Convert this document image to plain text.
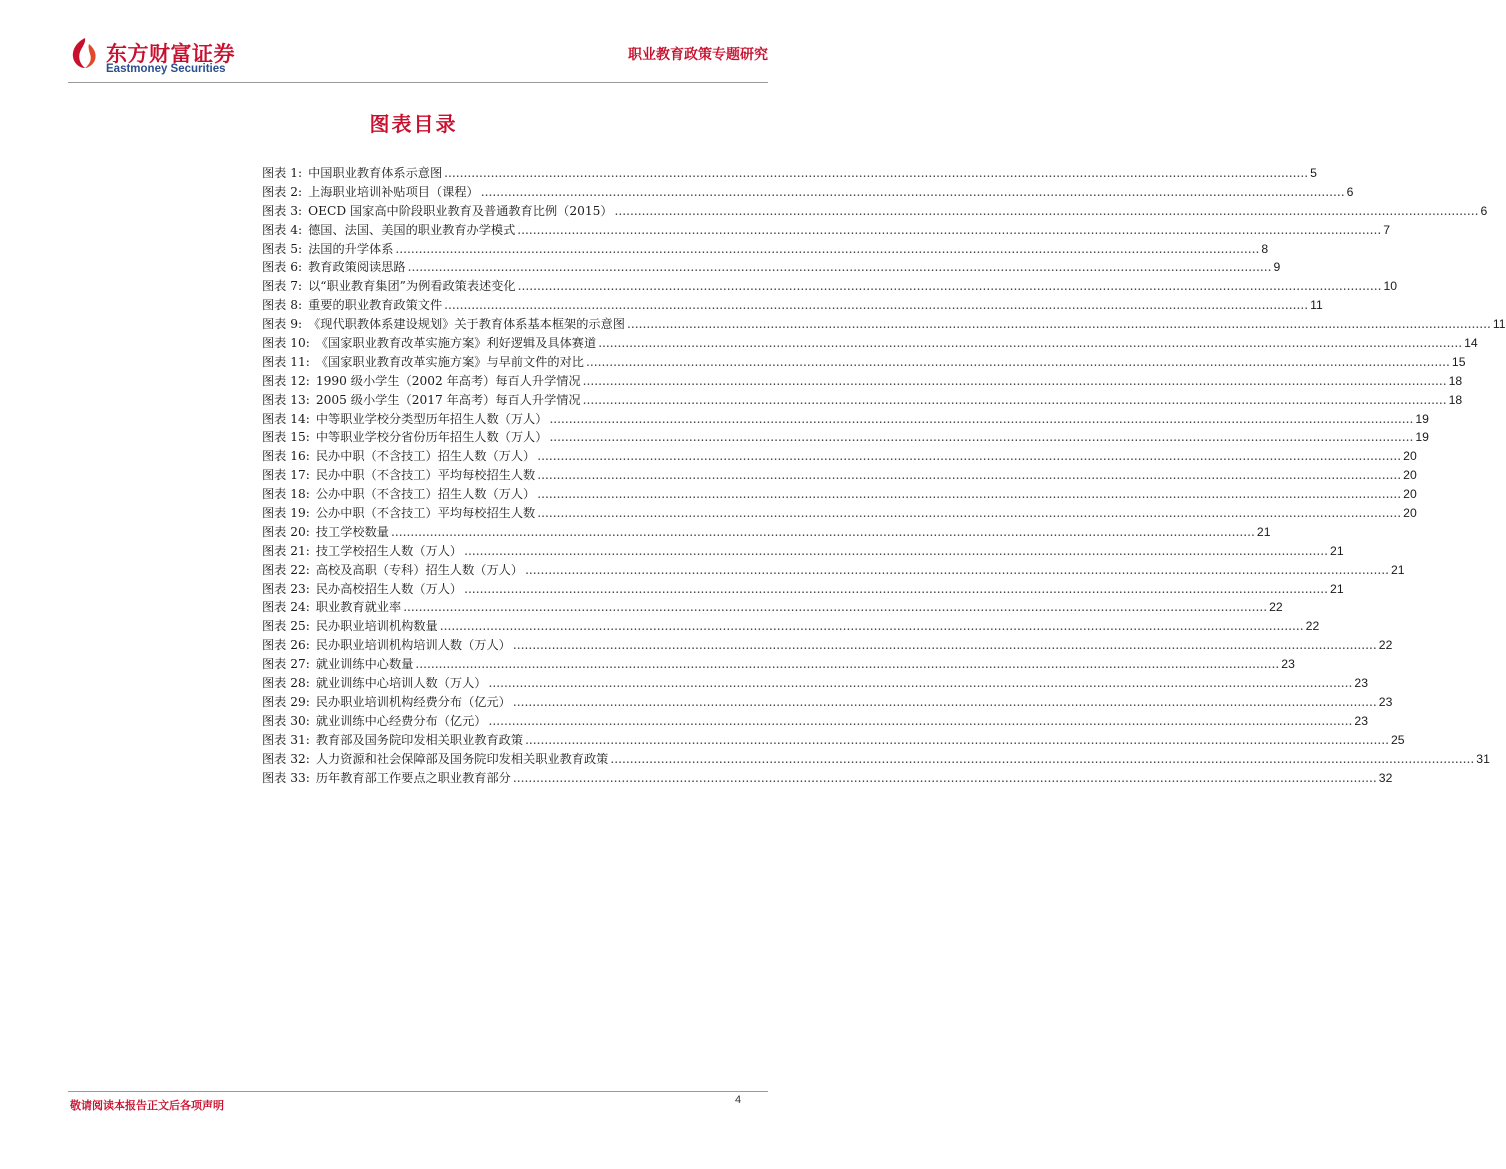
东方财富证券
Eastmoney Securities
职业教育政策专题研究
图表目录
图表 1: 中国职业教育体系示意图 .....	5
图表 2: 上海职业培训补贴项目（课程） .....	6
图表 3: OECD 国家高中阶段职业教育及普通教育比例（2015） .....	6
图表 4: 德国、法国、美国的职业教育办学模式 .....	7
图表 5: 法国的升学体系 .....	8
图表 6: 教育政策阅读思路 .....	9
图表 7: 以“职业教育集团”为例看政策表述变化 .....	10
图表 8: 重要的职业教育政策文件 .....	11
图表 9: 《现代职教体系建设规划》关于教育体系基本框架的示意图 .....	11
图表 10: 《国家职业教育改革实施方案》利好逻辑及具体赛道 .....	14
图表 11: 《国家职业教育改革实施方案》与早前文件的对比 .....	15
图表 12: 1990 级小学生（2002 年高考）每百人升学情况 .....	18
图表 13: 2005 级小学生（2017 年高考）每百人升学情况 .....	18
图表 14: 中等职业学校分类型历年招生人数（万人） .....	19
图表 15: 中等职业学校分省份历年招生人数（万人） .....	19
图表 16: 民办中职（不含技工）招生人数（万人） .....	20
图表 17: 民办中职（不含技工）平均每校招生人数 .....	20
图表 18: 公办中职（不含技工）招生人数（万人） .....	20
图表 19: 公办中职（不含技工）平均每校招生人数 .....	20
图表 20: 技工学校数量 .....	21
图表 21: 技工学校招生人数（万人） .....	21
图表 22: 高校及高职（专科）招生人数（万人） .....	21
图表 23: 民办高校招生人数（万人） .....	21
图表 24: 职业教育就业率 .....	22
图表 25: 民办职业培训机构数量 .....	22
图表 26: 民办职业培训机构培训人数（万人） .....	22
图表 27: 就业训练中心数量 .....	23
图表 28: 就业训练中心培训人数（万人） .....	23
图表 29: 民办职业培训机构经费分布（亿元） .....	23
图表 30: 就业训练中心经费分布（亿元） .....	23
图表 31: 教育部及国务院印发相关职业教育政策 .....	25
图表 32: 人力资源和社会保障部及国务院印发相关职业教育政策 .....	31
图表 33: 历年教育部工作要点之职业教育部分 .....	32
敬请阅读本报告正文后各项声明	4
